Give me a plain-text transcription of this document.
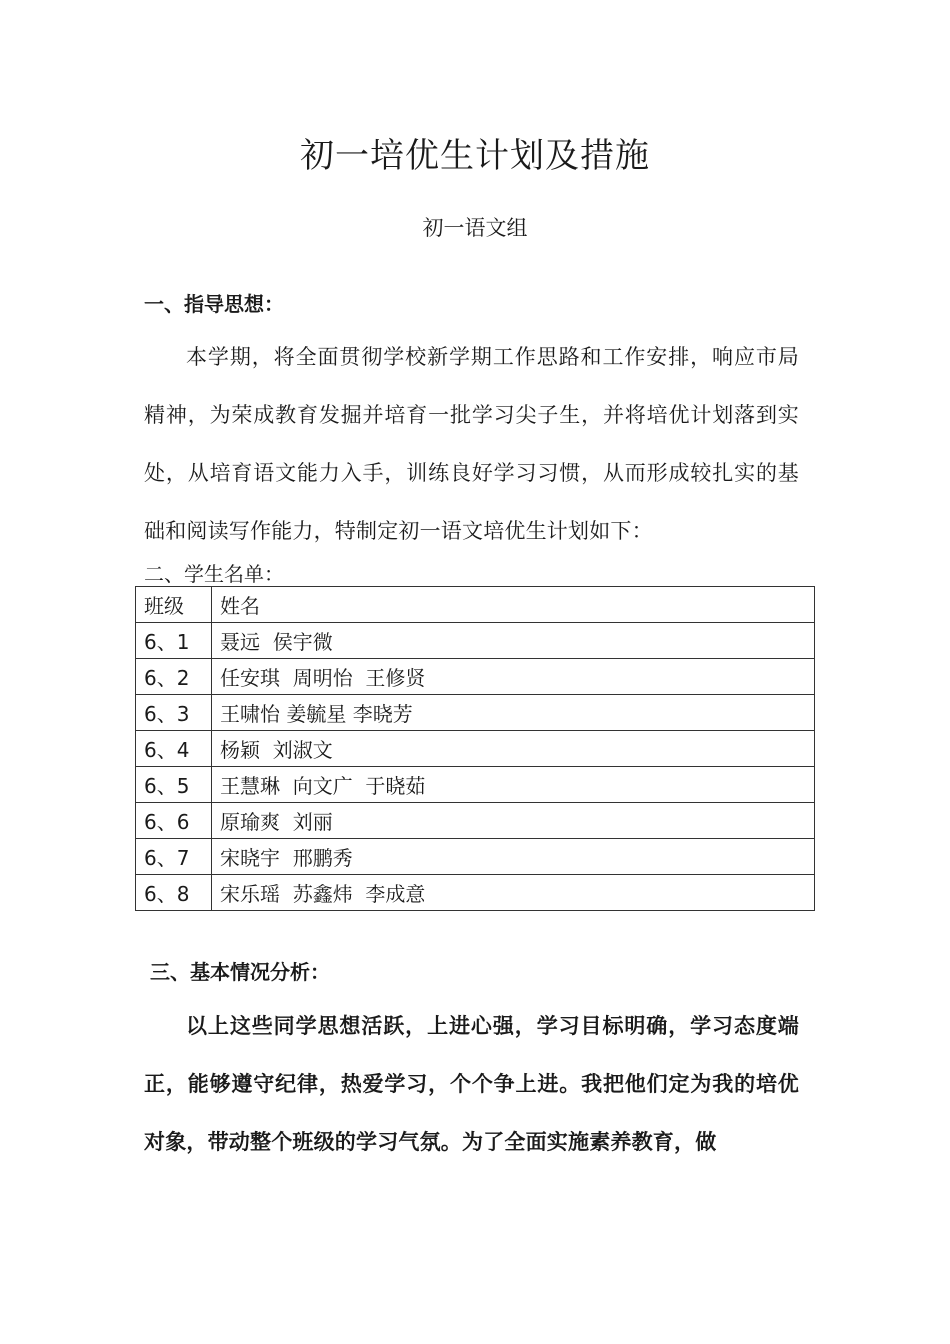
初一培优生计划及措施
初一语文组
一、指导思想：
本学期，将全面贯彻学校新学期工作思路和工作安排，响应市局精神，为荣成教育发掘并培育一批学习尖子生，并将培优计划落到实处，从培育语文能力入手，训练良好学习习惯，从而形成较扎实的基础和阅读写作能力，特制定初一语文培优生计划如下：
二、学生名单：
班级	姓名
6、1	聂远  侯宇微
6、2	任安琪  周明怡  王修贤
6、3	王啸怡 姜毓星 李晓芳
6、4	杨颖  刘淑文
6、5	王慧琳  向文广  于晓茹
6、6	原瑜爽  刘丽
6、7	宋晓宇  邢鹏秀
6、8	宋乐瑶  苏鑫炜  李成意
三、基本情况分析：
以上这些同学思想活跃，上进心强，学习目标明确，学习态度端正，能够遵守纪律，热爱学习，个个争上进。我把他们定为我的培优对象，带动整个班级的学习气氛。为了全面实施素养教育，做
